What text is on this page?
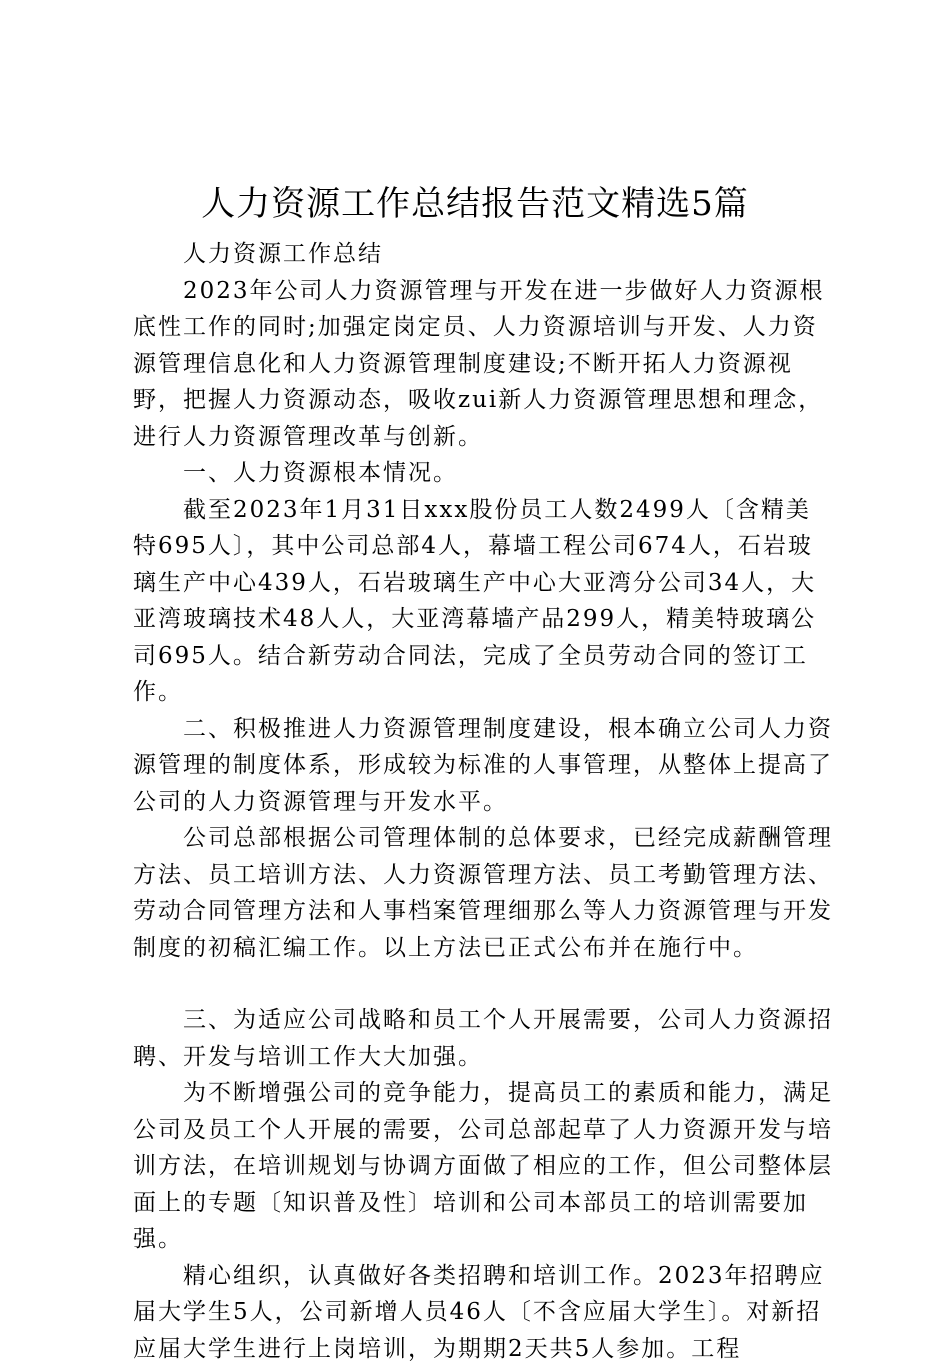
人力资源工作总结报告范文精选5篇

人力资源工作总结

2023年公司人力资源管理与开发在进一步做好人力资源根底性工作的同时;加强定岗定员、人力资源培训与开发、人力资源管理信息化和人力资源管理制度建设;不断开拓人力资源视野，把握人力资源动态，吸收zui新人力资源管理思想和理念，进行人力资源管理改革与创新。

一、人力资源根本情况。

截至2023年1月31日xxx股份员工人数2499人〔含精美特695人〕，其中公司总部4人，幕墙工程公司674人，石岩玻璃生产中心439人，石岩玻璃生产中心大亚湾分公司34人，大亚湾玻璃技术48人人，大亚湾幕墙产品299人，精美特玻璃公司695人。结合新劳动合同法，完成了全员劳动合同的签订工作。

二、积极推进人力资源管理制度建设，根本确立公司人力资源管理的制度体系，形成较为标准的人事管理，从整体上提高了公司的人力资源管理与开发水平。

公司总部根据公司管理体制的总体要求，已经完成薪酬管理方法、员工培训方法、人力资源管理方法、员工考勤管理方法、劳动合同管理方法和人事档案管理细那么等人力资源管理与开发制度的初稿汇编工作。以上方法已正式公布并在施行中。

三、为适应公司战略和员工个人开展需要，公司人力资源招聘、开发与培训工作大大加强。

为不断增强公司的竞争能力，提高员工的素质和能力，满足公司及员工个人开展的需要，公司总部起草了人力资源开发与培训方法，在培训规划与协调方面做了相应的工作，但公司整体层面上的专题〔知识普及性〕培训和公司本部员工的培训需要加强。

精心组织，认真做好各类招聘和培训工作。2023年招聘应届大学生5人，公司新增人员46人〔不含应届大学生〕。对新招应届大学生进行上岗培训，为期期2天共5人参加。工程
